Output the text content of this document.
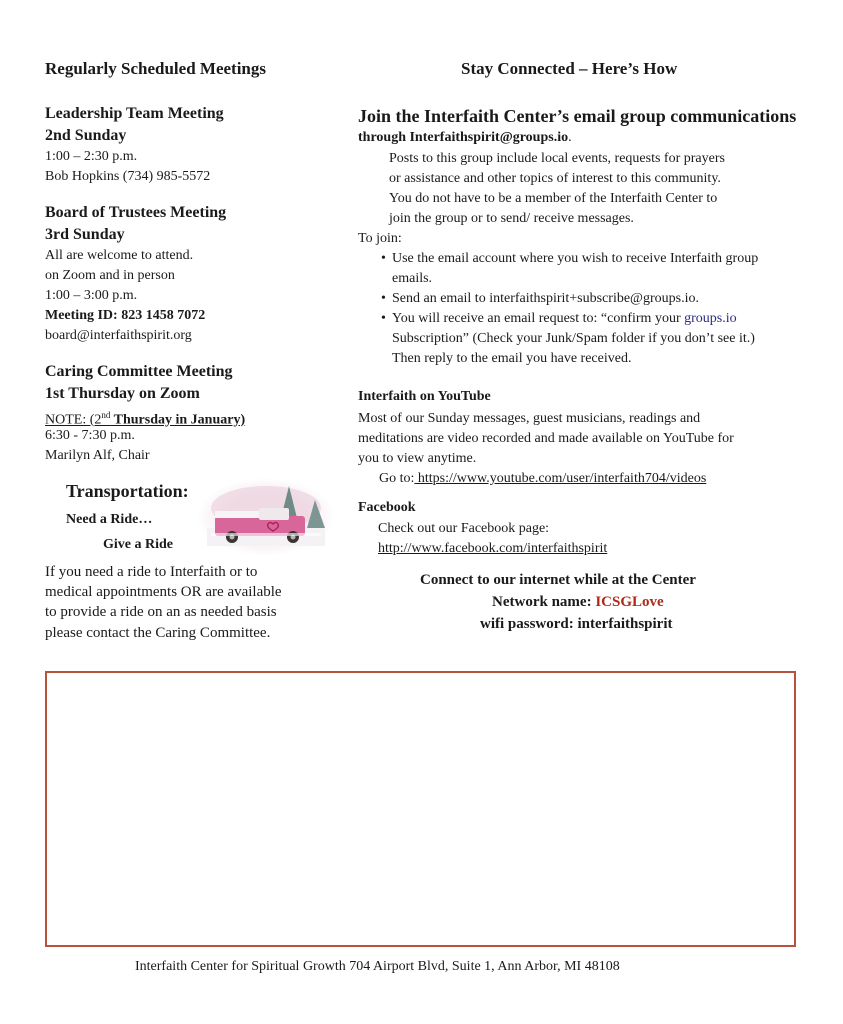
Regularly Scheduled Meetings
Leadership Team Meeting
2nd Sunday
1:00 – 2:30 p.m.
Bob Hopkins (734) 985-5572
Board of Trustees Meeting
3rd Sunday
All are welcome to attend.
on Zoom and in person
1:00 – 3:00 p.m.
Meeting ID: 823 1458 7072
board@interfaithspirit.org
Caring Committee Meeting
1st Thursday on Zoom
NOTE: (2nd Thursday in January)
6:30 - 7:30 p.m.
Marilyn Alf, Chair
Transportation:
Need a Ride…
Give a Ride
If you need a ride to Interfaith or to
medical appointments OR are available
to provide a ride on an as needed basis
please contact the Caring Committee.
Stay Connected – Here’s How
Join the Interfaith Center’s email group communications
through Interfaithspirit@groups.io.
Posts to this group include local events, requests for prayers
or assistance and other topics of interest to this community.
You do not have to be a member of the Interfaith Center to
join the group or to send/ receive messages.
To join:
• Use the email account where you wish to receive Interfaith group
emails.
• Send an email to interfaithspirit+subscribe@groups.io.
• You will receive an email request to: “confirm your groups.io
Subscription” (Check your Junk/Spam folder if you don’t see it.)
Then reply to the email you have received.
Interfaith on YouTube
Most of our Sunday messages, guest musicians, readings and
meditations are video recorded and made available on YouTube for
you to view anytime.
Go to: https://www.youtube.com/user/interfaith704/videos
Facebook
Check out our Facebook page:
http://www.facebook.com/interfaithspirit
Connect to our internet while at the Center
Network name: ICSGLove
wifi password: interfaithspirit
Interfaith Center for Spiritual Growth 704 Airport Blvd, Suite 1, Ann Arbor, MI 48108
